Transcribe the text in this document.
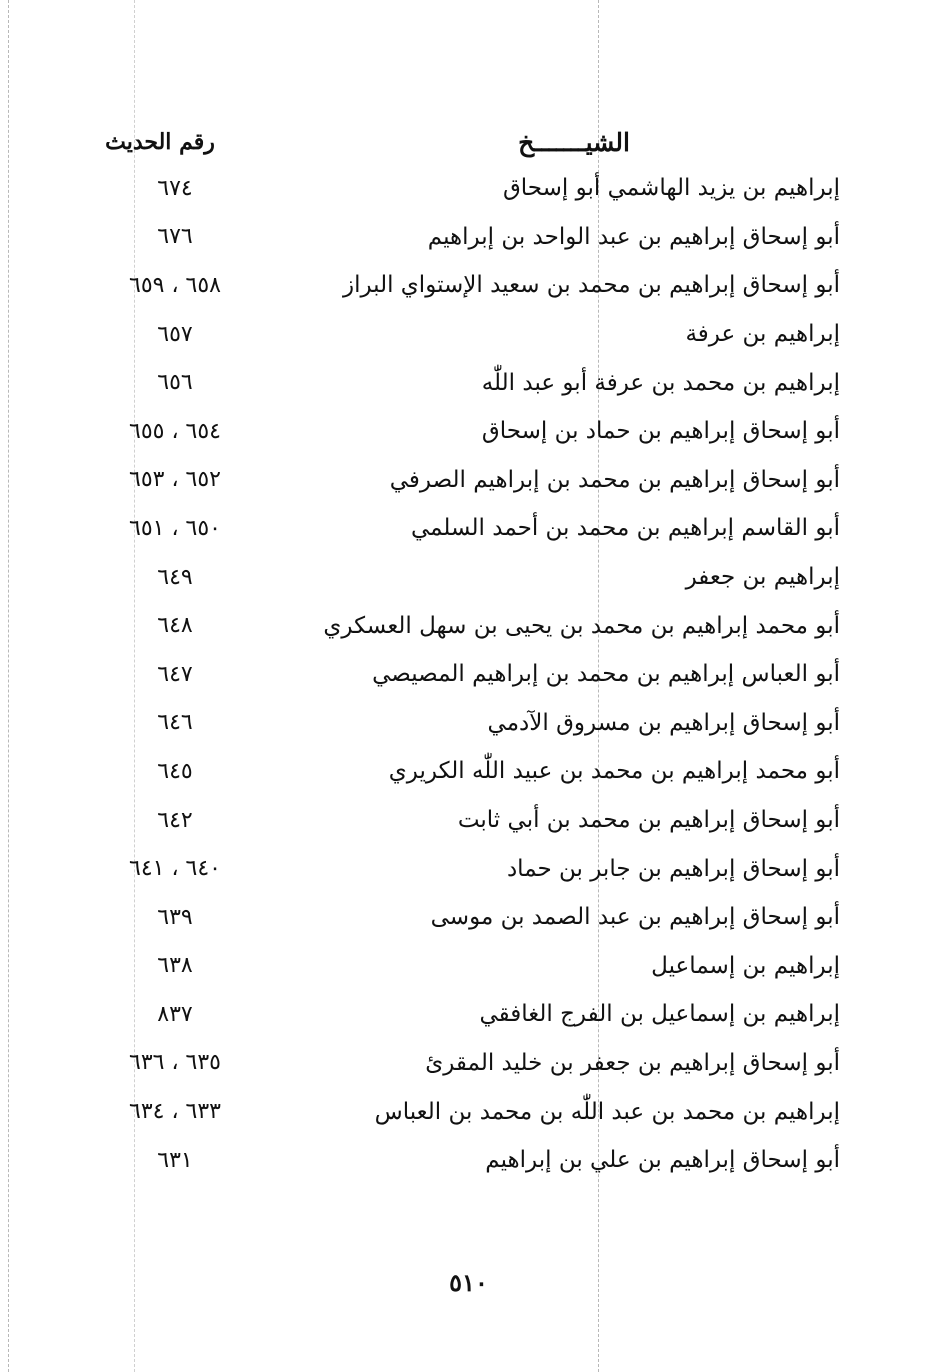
الشيـــــــخ
رقم الحديث
إبراهيم بن يزيد الهاشمي أبو إسحاق
٦٧٤
أبو إسحاق إبراهيم بن عبد الواحد بن إبراهيم
٦٧٦
أبو إسحاق إبراهيم بن محمد بن سعيد الإستواي البراز
٦٥٨ ، ٦٥٩
إبراهيم بن عرفة
٦٥٧
إبراهيم بن محمد بن عرفة أبو عبد اللّٰه
٦٥٦
أبو إسحاق إبراهيم بن حماد بن إسحاق
٦٥٤ ، ٦٥٥
أبو إسحاق إبراهيم بن محمد بن إبراهيم الصرفي
٦٥٢ ، ٦٥٣
أبو القاسم إبراهيم بن محمد بن أحمد السلمي
٦٥٠ ، ٦٥١
إبراهيم بن جعفر
٦٤٩
أبو محمد إبراهيم بن محمد بن يحيى بن سهل العسكري
٦٤٨
أبو العباس إبراهيم بن محمد بن إبراهيم المصيصي
٦٤٧
أبو إسحاق إبراهيم بن مسروق الآدمي
٦٤٦
أبو محمد إبراهيم بن محمد بن عبيد اللّٰه الكريري
٦٤٥
أبو إسحاق إبراهيم بن محمد بن أبي ثابت
٦٤٢
أبو إسحاق إبراهيم بن جابر بن حماد
٦٤٠ ، ٦٤١
أبو إسحاق إبراهيم بن عبد الصمد بن موسى
٦٣٩
إبراهيم بن إسماعيل
٦٣٨
إبراهيم بن إسماعيل بن الفرج الغافقي
٨٣٧
أبو إسحاق إبراهيم بن جعفر بن خليد المقرئ
٦٣٥ ، ٦٣٦
إبراهيم بن محمد بن عبد اللّٰه بن محمد بن العباس
٦٣٣ ، ٦٣٤
أبو إسحاق إبراهيم بن علي بن إبراهيم
٦٣١
٥١٠
